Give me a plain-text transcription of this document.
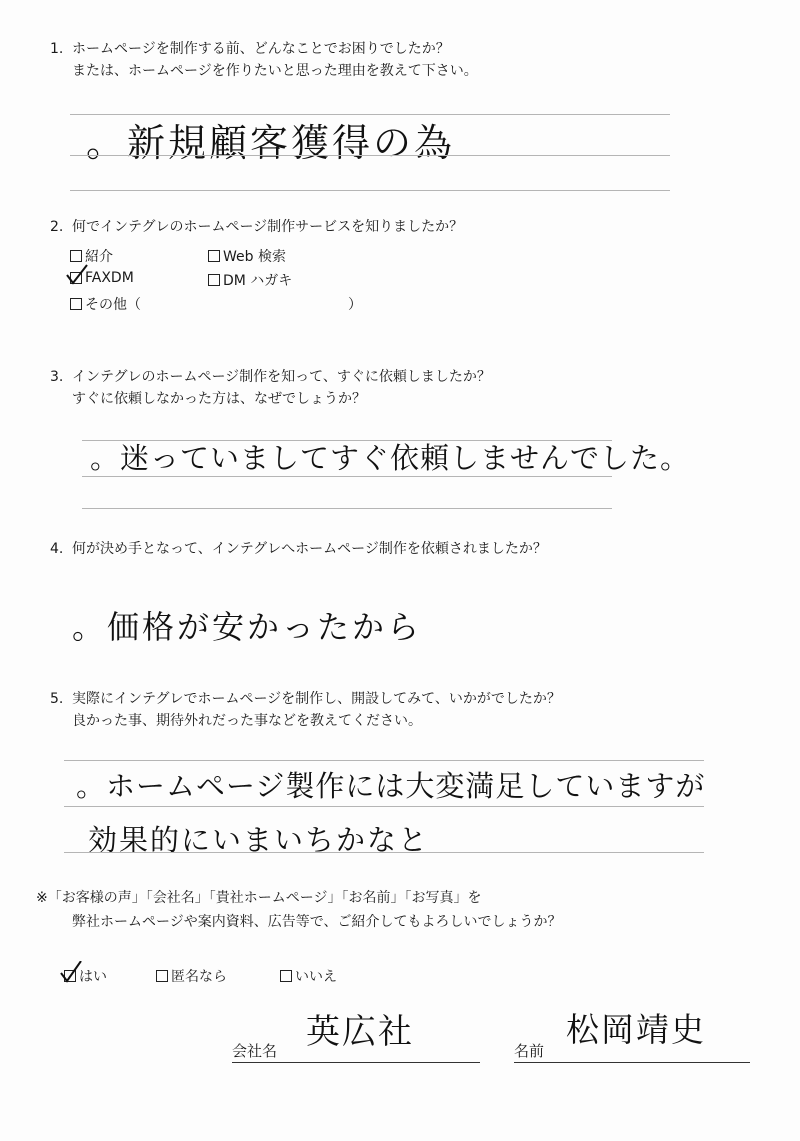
1. ホームページを制作する前、どんなことでお困りでしたか？
または、ホームページを作りたいと思った理由を教えて下さい。
。新規顧客獲得の為
2. 何でインテグレのホームページ制作サービスを知りましたか？
紹介	Web 検索
FAXDM	DM ハガキ
その他（	）
3. インテグレのホームページ制作を知って、すぐに依頼しましたか？
すぐに依頼しなかった方は、なぜでしょうか？
。迷っていましてすぐ依頼しませんでした。
4. 何が決め手となって、インテグレへホームページ制作を依頼されましたか？
。価格が安かったから
5. 実際にインテグレでホームページを制作し、開設してみて、いかがでしたか？
良かった事、期待外れだった事などを教えてください。
。ホームページ製作には大変満足していますが
効果的にいまいちかなと
※「お客様の声」「会社名」「貴社ホームページ」「お名前」「お写真」を
弊社ホームページや案内資料、広告等で、ご紹介してもよろしいでしょうか？
はい	匿名なら	いいえ
会社名 英広社	名前
松岡靖史
